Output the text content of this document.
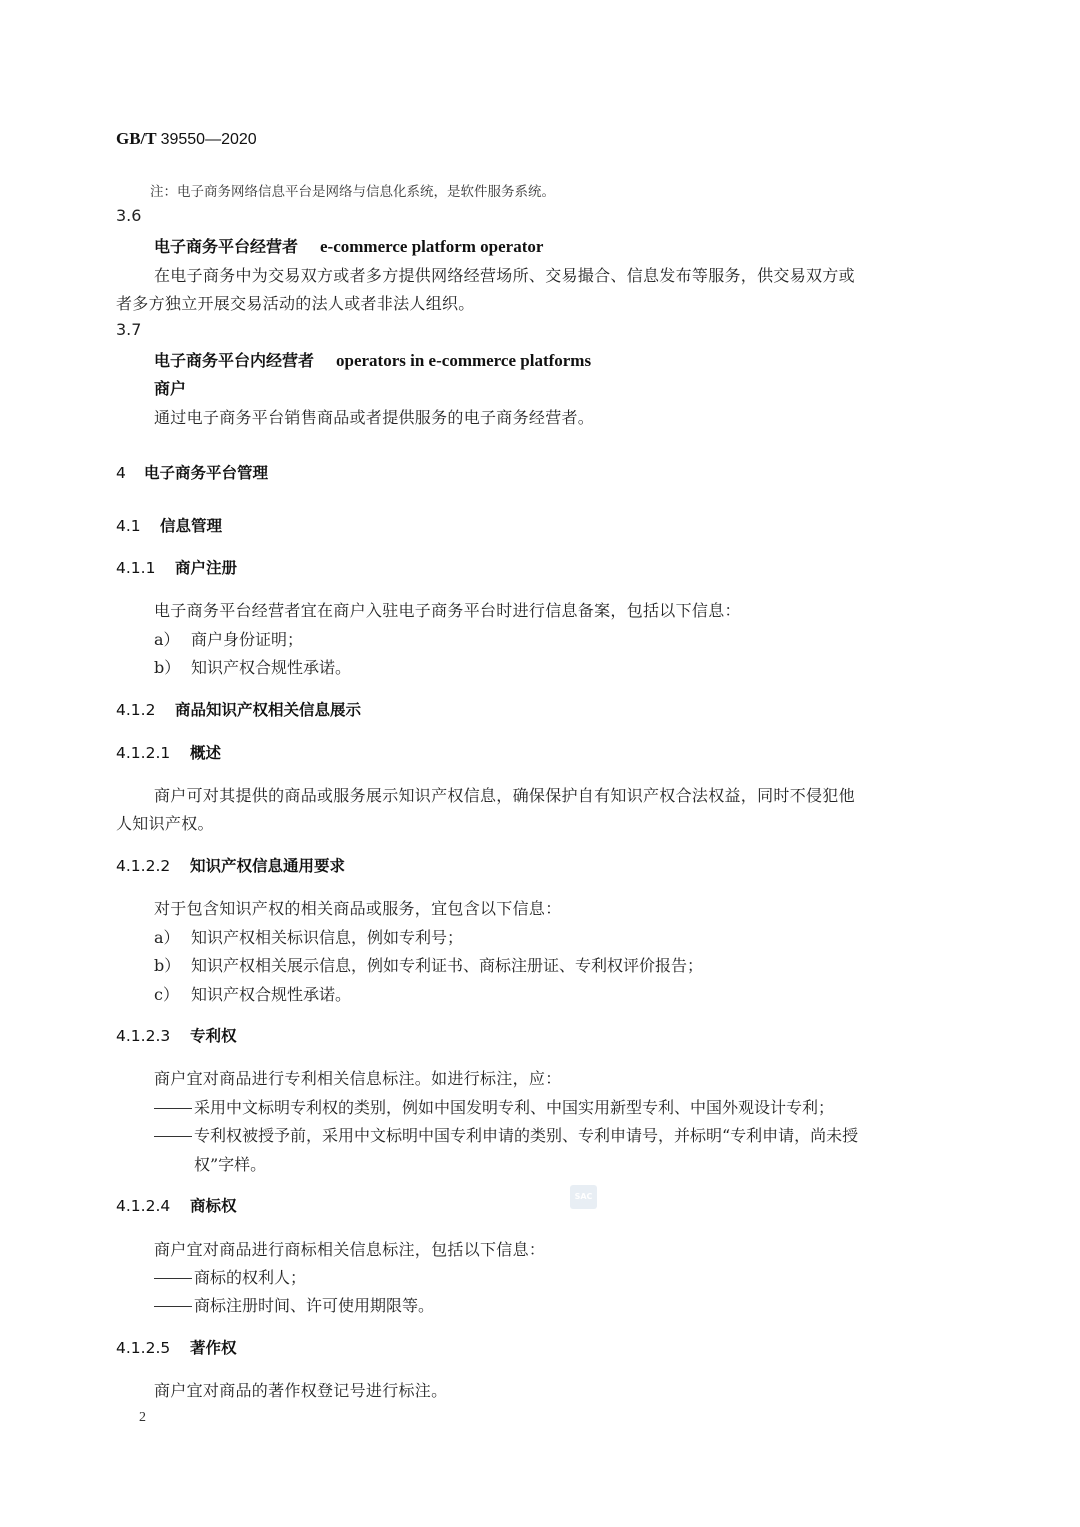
GB/T 39550—2020
注：电子商务网络信息平台是网络与信息化系统，是软件服务系统。
3.6
电子商务平台经营者 e-commerce platform operator
在电子商务中为交易双方或者多方提供网络经营场所、交易撮合、信息发布等服务，供交易双方或
者多方独立开展交易活动的法人或者非法人组织。
3.7
电子商务平台内经营者 operators in e-commerce platforms
商户
通过电子商务平台销售商品或者提供服务的电子商务经营者。
4 电子商务平台管理
4.1 信息管理
4.1.1 商户注册
电子商务平台经营者宜在商户入驻电子商务平台时进行信息备案，包括以下信息：
a） 商户身份证明；
b） 知识产权合规性承诺。
4.1.2 商品知识产权相关信息展示
4.1.2.1 概述
商户可对其提供的商品或服务展示知识产权信息，确保保护自有知识产权合法权益，同时不侵犯他
人知识产权。
4.1.2.2 知识产权信息通用要求
对于包含知识产权的相关商品或服务，宜包含以下信息：
a） 知识产权相关标识信息，例如专利号；
b） 知识产权相关展示信息，例如专利证书、商标注册证、专利权评价报告；
c） 知识产权合规性承诺。
4.1.2.3 专利权
商户宜对商品进行专利相关信息标注。如进行标注，应：
采用中文标明专利权的类别，例如中国发明专利、中国实用新型专利、中国外观设计专利；
专利权被授予前，采用中文标明中国专利申请的类别、专利申请号，并标明“专利申请，尚未授
权”字样。
4.1.2.4 商标权
SAC
商户宜对商品进行商标相关信息标注，包括以下信息：
商标的权利人；
商标注册时间、许可使用期限等。
4.1.2.5 著作权
商户宜对商品的著作权登记号进行标注。
2
